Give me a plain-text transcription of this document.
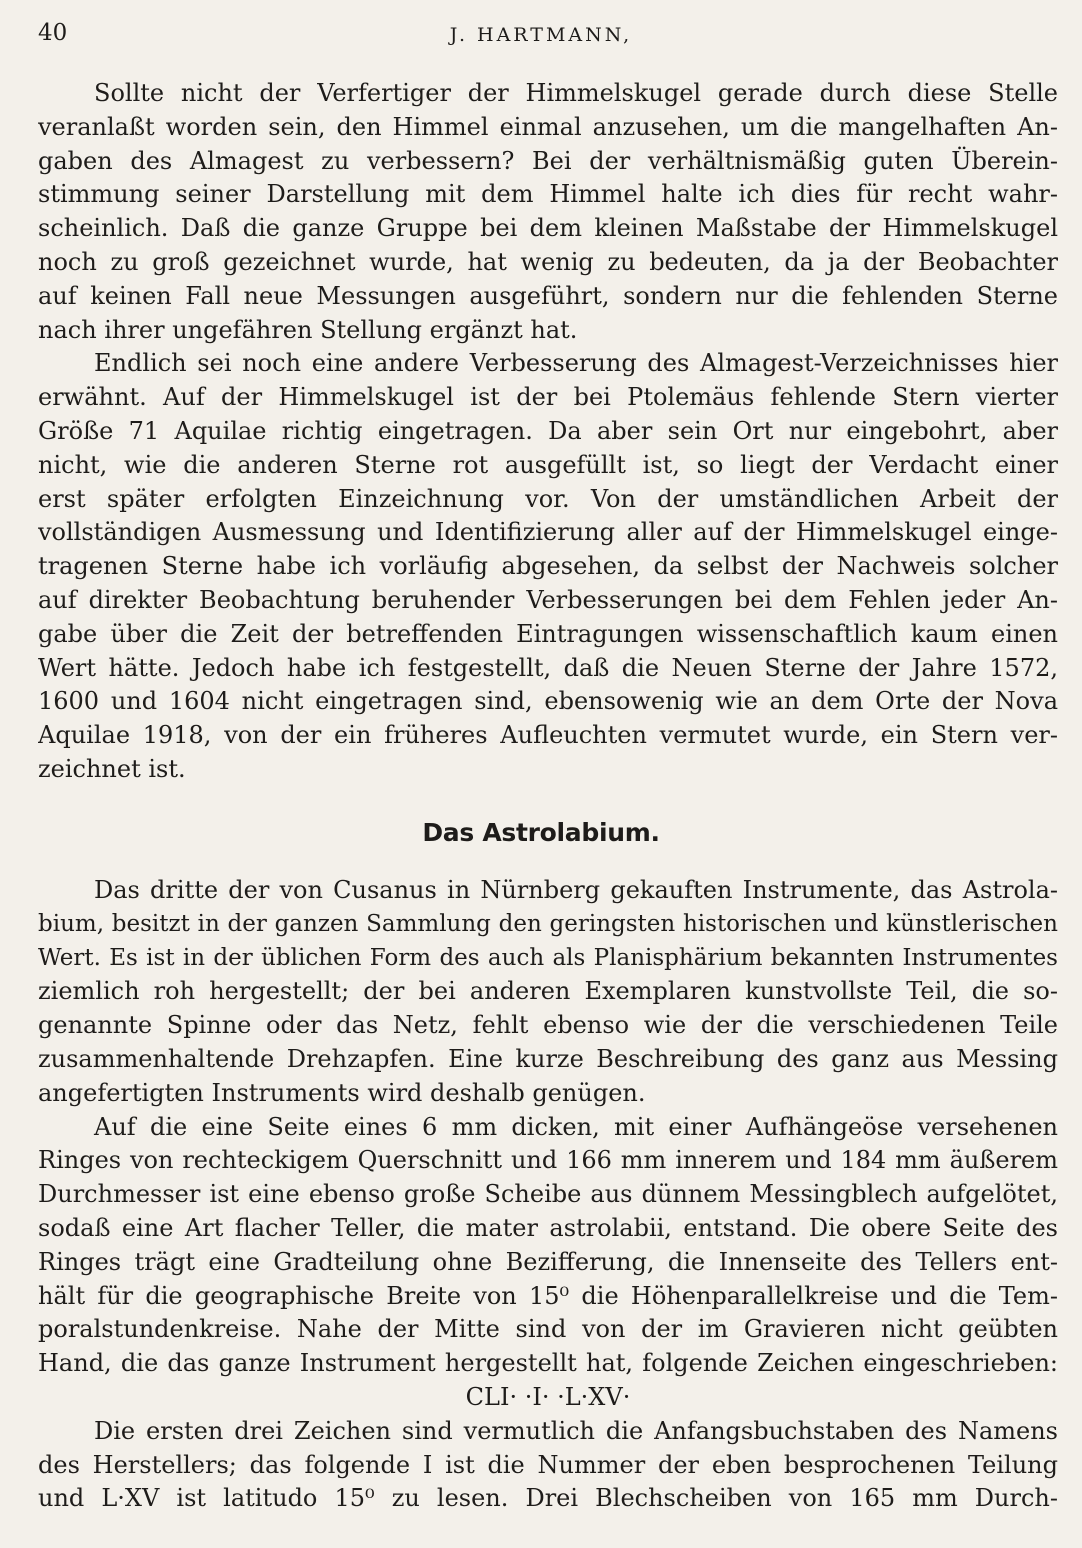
40	J. HARTMANN,
Sollte nicht der Verfertiger der Himmelskugel gerade durch diese Stelle
veranlaßt worden sein, den Himmel einmal anzusehen, um die mangelhaften An-
gaben des Almagest zu verbessern? Bei der verhältnismäßig guten Überein-
stimmung seiner Darstellung mit dem Himmel halte ich dies für recht wahr-
scheinlich. Daß die ganze Gruppe bei dem kleinen Maßstabe der Himmelskugel
noch zu groß gezeichnet wurde, hat wenig zu bedeuten, da ja der Beobachter
auf keinen Fall neue Messungen ausgeführt, sondern nur die fehlenden Sterne
nach ihrer ungefähren Stellung ergänzt hat.
Endlich sei noch eine andere Verbesserung des Almagest-Verzeichnisses hier
erwähnt. Auf der Himmelskugel ist der bei Ptolemäus fehlende Stern vierter
Größe 71 Aquilae richtig eingetragen. Da aber sein Ort nur eingebohrt, aber
nicht, wie die anderen Sterne rot ausgefüllt ist, so liegt der Verdacht einer
erst später erfolgten Einzeichnung vor. Von der umständlichen Arbeit der
vollständigen Ausmessung und Identifizierung aller auf der Himmelskugel einge-
tragenen Sterne habe ich vorläufig abgesehen, da selbst der Nachweis solcher
auf direkter Beobachtung beruhender Verbesserungen bei dem Fehlen jeder An-
gabe über die Zeit der betreffenden Eintragungen wissenschaftlich kaum einen
Wert hätte. Jedoch habe ich festgestellt, daß die Neuen Sterne der Jahre 1572,
1600 und 1604 nicht eingetragen sind, ebensowenig wie an dem Orte der Nova
Aquilae 1918, von der ein früheres Aufleuchten vermutet wurde, ein Stern ver-
zeichnet ist.
Das Astrolabium.
Das dritte der von Cusanus in Nürnberg gekauften Instrumente, das Astrola-
bium, besitzt in der ganzen Sammlung den geringsten historischen und künstlerischen
Wert. Es ist in der üblichen Form des auch als Planisphärium bekannten Instrumentes
ziemlich roh hergestellt; der bei anderen Exemplaren kunstvollste Teil, die so-
genannte Spinne oder das Netz, fehlt ebenso wie der die verschiedenen Teile
zusammenhaltende Drehzapfen. Eine kurze Beschreibung des ganz aus Messing
angefertigten Instruments wird deshalb genügen.
Auf die eine Seite eines 6 mm dicken, mit einer Aufhängeöse versehenen
Ringes von rechteckigem Querschnitt und 166 mm innerem und 184 mm äußerem
Durchmesser ist eine ebenso große Scheibe aus dünnem Messingblech aufgelötet,
sodaß eine Art flacher Teller, die mater astrolabii, entstand. Die obere Seite des
Ringes trägt eine Gradteilung ohne Bezifferung, die Innenseite des Tellers ent-
hält für die geographische Breite von 15⁰ die Höhenparallelkreise und die Tem-
poralstundenkreise. Nahe der Mitte sind von der im Gravieren nicht geübten
Hand, die das ganze Instrument hergestellt hat, folgende Zeichen eingeschrieben:
CLI· ·I· ·L·XV·
Die ersten drei Zeichen sind vermutlich die Anfangsbuchstaben des Namens
des Herstellers; das folgende I ist die Nummer der eben besprochenen Teilung
und L·XV ist latitudo 15⁰ zu lesen. Drei Blechscheiben von 165 mm Durch-
